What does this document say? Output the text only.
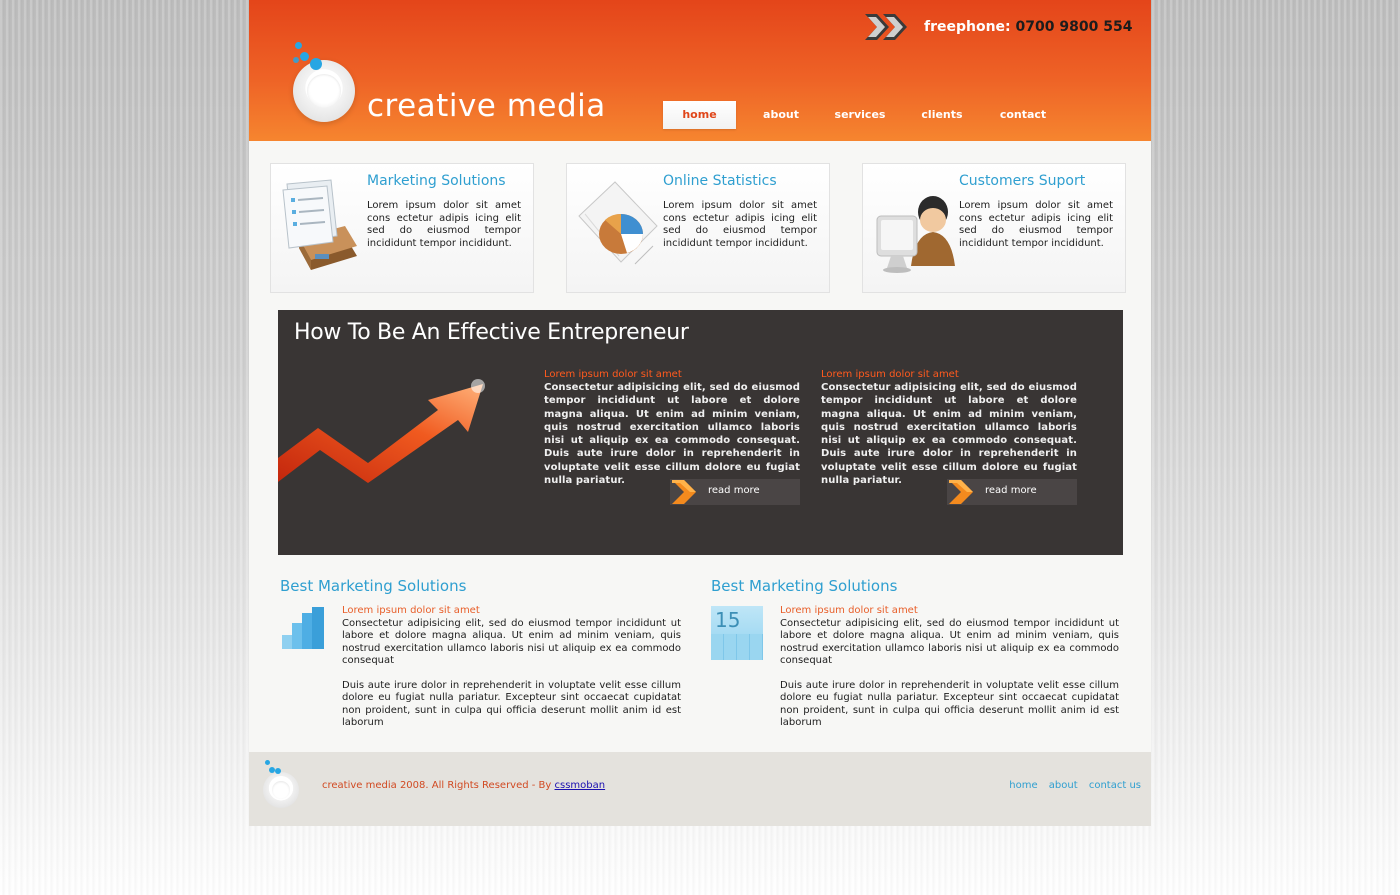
creative media
freephone: 0700 9800 554
home	about	services	clients	contact
Marketing Solutions
Lorem ipsum dolor sit amet cons ectetur adipis icing elit sed do eiusmod tempor incididunt tempor incididunt.
Online Statistics
Lorem ipsum dolor sit amet cons ectetur adipis icing elit sed do eiusmod tempor incididunt tempor incididunt.
Customers Suport
Lorem ipsum dolor sit amet cons ectetur adipis icing elit sed do eiusmod tempor incididunt tempor incididunt.
How To Be An Effective Entrepreneur
Lorem ipsum dolor sit amet
Consectetur adipisicing elit, sed do eiusmod tempor incididunt ut labore et dolore magna aliqua. Ut enim ad minim veniam, quis nostrud exercitation ullamco laboris nisi ut aliquip ex ea commodo consequat. Duis aute irure dolor in reprehenderit in voluptate velit esse cillum dolore eu fugiat nulla pariatur.
read more
Lorem ipsum dolor sit amet
Consectetur adipisicing elit, sed do eiusmod tempor incididunt ut labore et dolore magna aliqua. Ut enim ad minim veniam, quis nostrud exercitation ullamco laboris nisi ut aliquip ex ea commodo consequat. Duis aute irure dolor in reprehenderit in voluptate velit esse cillum dolore eu fugiat nulla pariatur.
read more
Best Marketing Solutions
Lorem ipsum dolor sit amet
Consectetur adipisicing elit, sed do eiusmod tempor incididunt ut labore et dolore magna aliqua. Ut enim ad minim veniam, quis nostrud exercitation ullamco laboris nisi ut aliquip ex ea commodo consequat
Duis aute irure dolor in reprehenderit in voluptate velit esse cillum dolore eu fugiat nulla pariatur. Excepteur sint occaecat cupidatat non proident, sunt in culpa qui officia deserunt mollit anim id est laborum
Best Marketing Solutions
15	Lorem ipsum dolor sit amet
Consectetur adipisicing elit, sed do eiusmod tempor incididunt ut labore et dolore magna aliqua. Ut enim ad minim veniam, quis nostrud exercitation ullamco laboris nisi ut aliquip ex ea commodo consequat
Duis aute irure dolor in reprehenderit in voluptate velit esse cillum dolore eu fugiat nulla pariatur. Excepteur sint occaecat cupidatat non proident, sunt in culpa qui officia deserunt mollit anim id est laborum
creative media 2008. All Rights Reserved - By cssmoban	home about contact us
